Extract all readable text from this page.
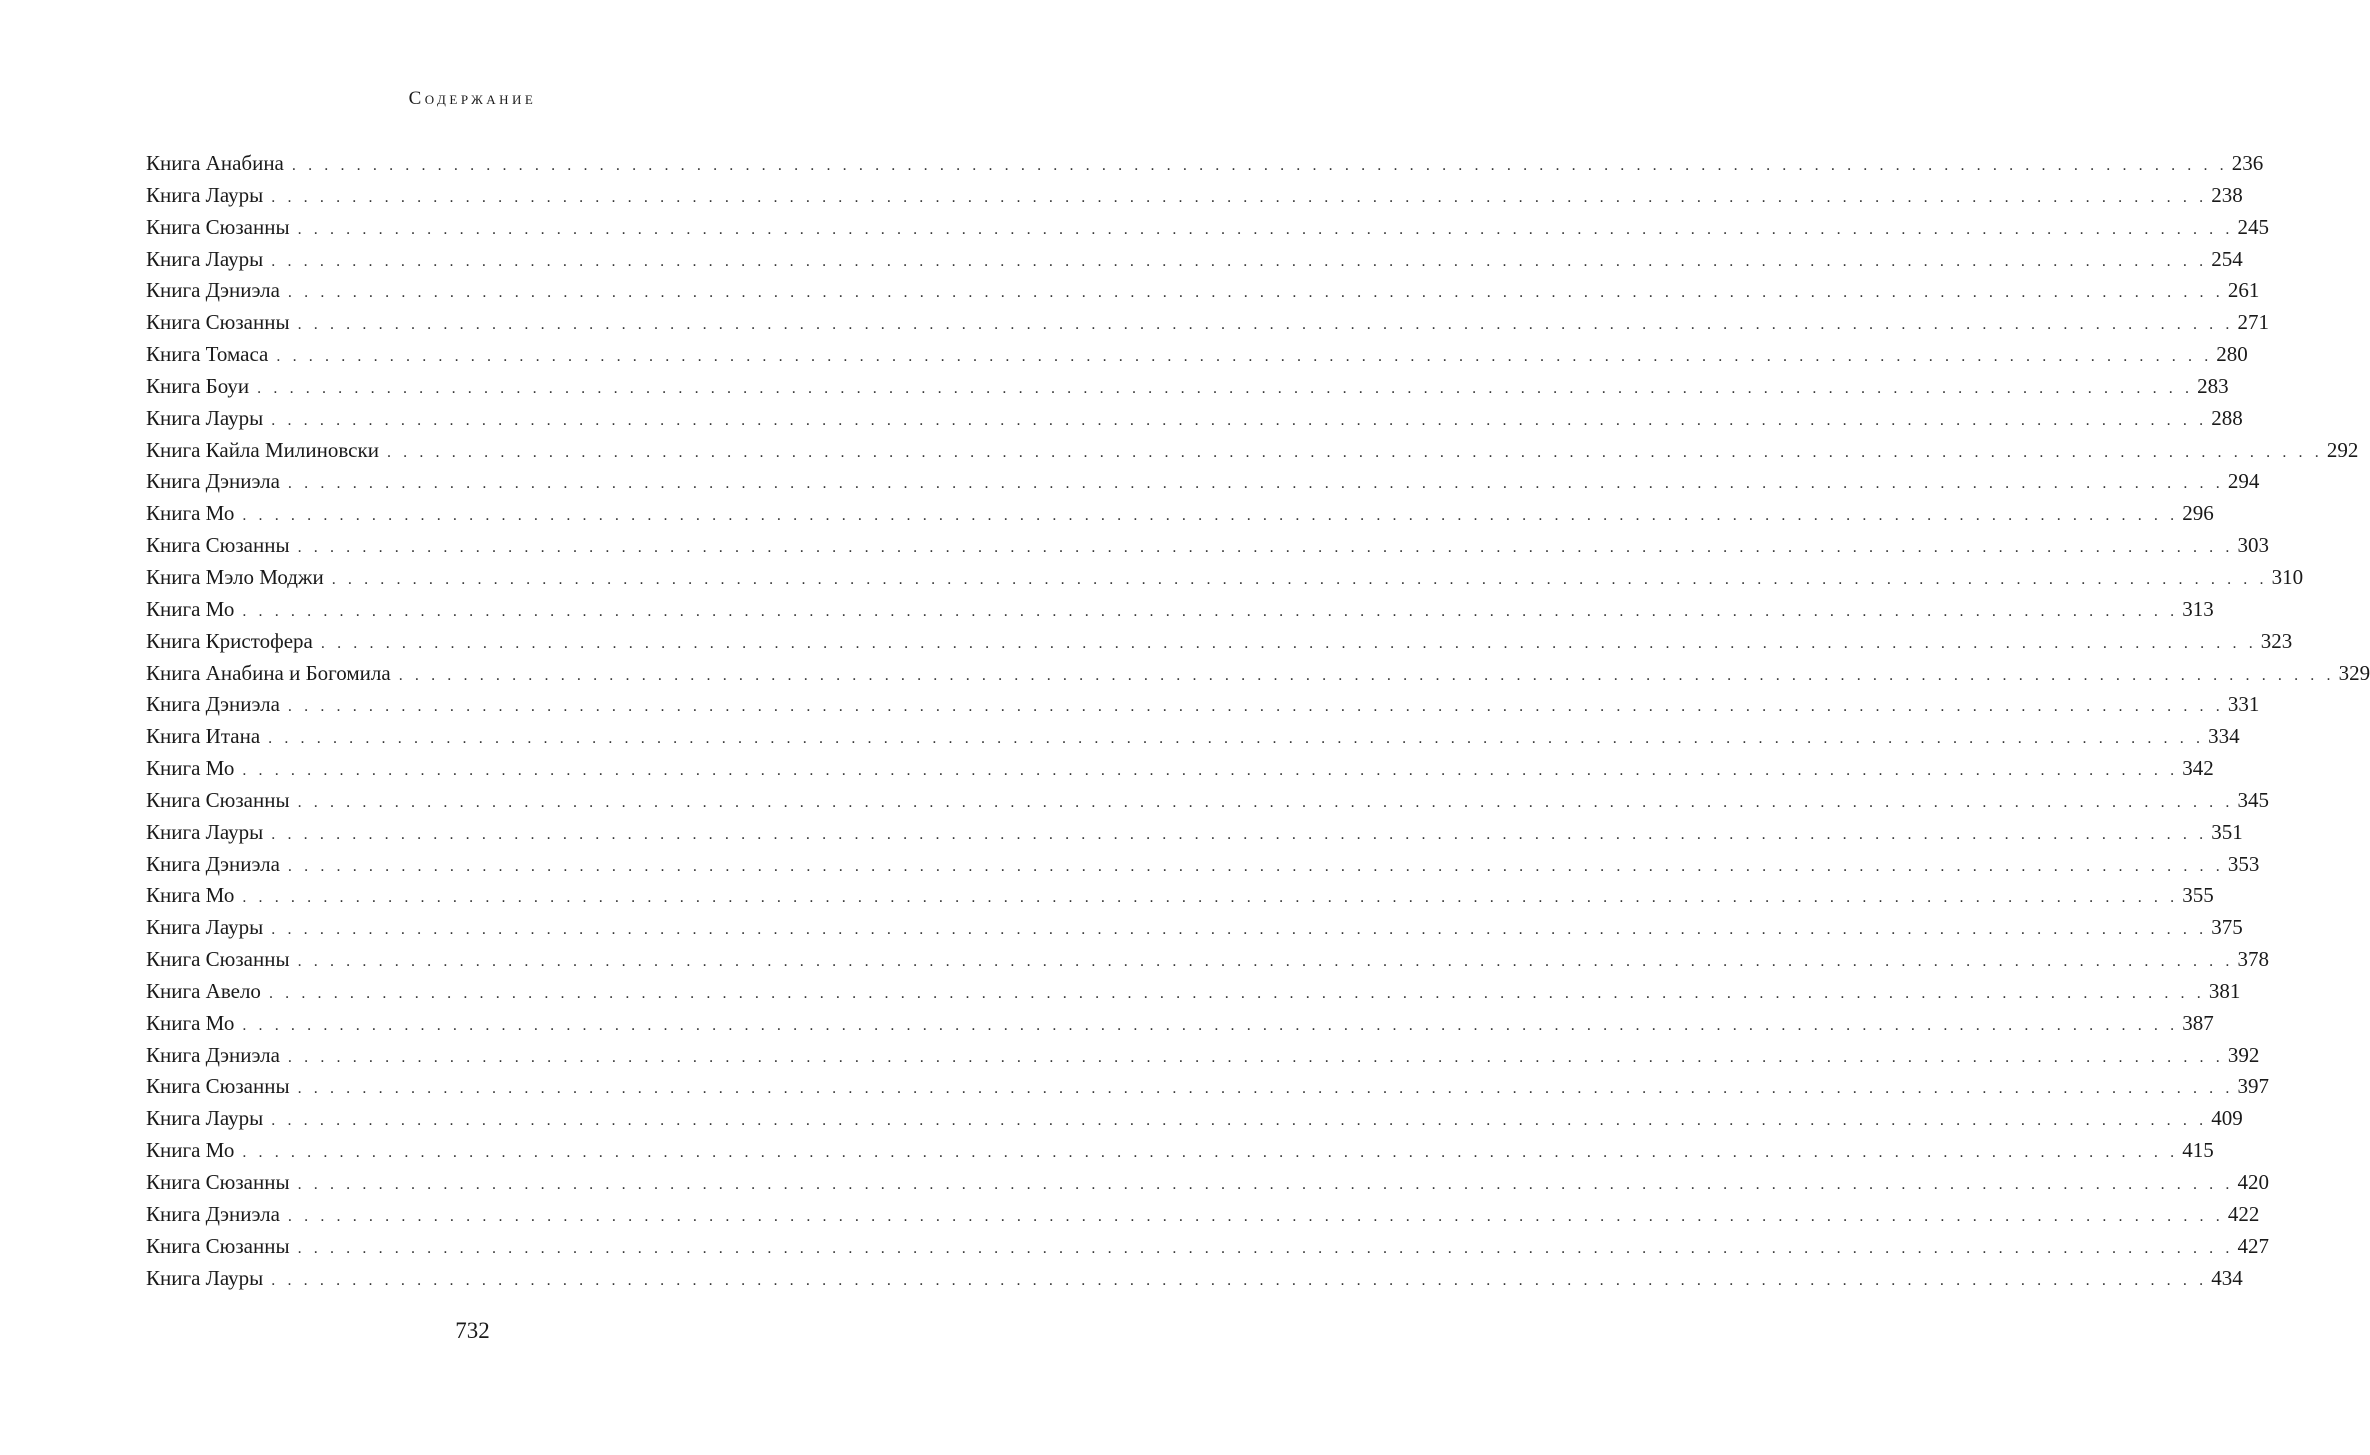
Содержание
Книга Анабина . . . . . . . . . . . . . . . . . . . . . . . . . . . . . . . . . . . . . . . . . . . . . . . . . . . . . . . . . . . . . . . . . . . . . . . . . . . . . . . . . . . . . . . . . . . . . . . . . . . . . . . . . . . . . . . . . . . . . . . . 236
Книга Лауры . . . . . . . . . . . . . . . . . . . . . . . . . . . . . . . . . . . . . . . . . . . . . . . . . . . . . . . . . . . . . . . . . . . . . . . . . . . . . . . . . . . . . . . . . . . . . . . . . . . . . . . . . . . . . . . . . . . . . . . . 238
Книга Сюзанны . . . . . . . . . . . . . . . . . . . . . . . . . . . . . . . . . . . . . . . . . . . . . . . . . . . . . . . . . . . . . . . . . . . . . . . . . . . . . . . . . . . . . . . . . . . . . . . . . . . . . . . . . . . . . . . . . . . . . . . . 245
Книга Лауры . . . . . . . . . . . . . . . . . . . . . . . . . . . . . . . . . . . . . . . . . . . . . . . . . . . . . . . . . . . . . . . . . . . . . . . . . . . . . . . . . . . . . . . . . . . . . . . . . . . . . . . . . . . . . . . . . . . . . . . . 254
Книга Дэниэла . . . . . . . . . . . . . . . . . . . . . . . . . . . . . . . . . . . . . . . . . . . . . . . . . . . . . . . . . . . . . . . . . . . . . . . . . . . . . . . . . . . . . . . . . . . . . . . . . . . . . . . . . . . . . . . . . . . . . . . . 261
Книга Сюзанны . . . . . . . . . . . . . . . . . . . . . . . . . . . . . . . . . . . . . . . . . . . . . . . . . . . . . . . . . . . . . . . . . . . . . . . . . . . . . . . . . . . . . . . . . . . . . . . . . . . . . . . . . . . . . . . . . . . . . . . . 271
Книга Томаса . . . . . . . . . . . . . . . . . . . . . . . . . . . . . . . . . . . . . . . . . . . . . . . . . . . . . . . . . . . . . . . . . . . . . . . . . . . . . . . . . . . . . . . . . . . . . . . . . . . . . . . . . . . . . . . . . . . . . . . . 280
Книга Боуи . . . . . . . . . . . . . . . . . . . . . . . . . . . . . . . . . . . . . . . . . . . . . . . . . . . . . . . . . . . . . . . . . . . . . . . . . . . . . . . . . . . . . . . . . . . . . . . . . . . . . . . . . . . . . . . . . . . . . . . . 283
Книга Лауры . . . . . . . . . . . . . . . . . . . . . . . . . . . . . . . . . . . . . . . . . . . . . . . . . . . . . . . . . . . . . . . . . . . . . . . . . . . . . . . . . . . . . . . . . . . . . . . . . . . . . . . . . . . . . . . . . . . . . . . . 288
Книга Кайла Милиновски . . . . . . . . . . . . . . . . . . . . . . . . . . . . . . . . . . . . . . . . . . . . . . . . . . . . . . . . . . . . . . . . . . . . . . . . . . . . . . . . . . . . . . . . . . . . . . . . . . . . . . . . . . . . . . . . . . . . . . . . 292
Книга Дэниэла . . . . . . . . . . . . . . . . . . . . . . . . . . . . . . . . . . . . . . . . . . . . . . . . . . . . . . . . . . . . . . . . . . . . . . . . . . . . . . . . . . . . . . . . . . . . . . . . . . . . . . . . . . . . . . . . . . . . . . . . 294
Книга Мо . . . . . . . . . . . . . . . . . . . . . . . . . . . . . . . . . . . . . . . . . . . . . . . . . . . . . . . . . . . . . . . . . . . . . . . . . . . . . . . . . . . . . . . . . . . . . . . . . . . . . . . . . . . . . . . . . . . . . . . . 296
Книга Сюзанны . . . . . . . . . . . . . . . . . . . . . . . . . . . . . . . . . . . . . . . . . . . . . . . . . . . . . . . . . . . . . . . . . . . . . . . . . . . . . . . . . . . . . . . . . . . . . . . . . . . . . . . . . . . . . . . . . . . . . . . . 303
Книга Мэло Моджи . . . . . . . . . . . . . . . . . . . . . . . . . . . . . . . . . . . . . . . . . . . . . . . . . . . . . . . . . . . . . . . . . . . . . . . . . . . . . . . . . . . . . . . . . . . . . . . . . . . . . . . . . . . . . . . . . . . . . . . . 310
Книга Мо . . . . . . . . . . . . . . . . . . . . . . . . . . . . . . . . . . . . . . . . . . . . . . . . . . . . . . . . . . . . . . . . . . . . . . . . . . . . . . . . . . . . . . . . . . . . . . . . . . . . . . . . . . . . . . . . . . . . . . . . 313
Книга Кристофера . . . . . . . . . . . . . . . . . . . . . . . . . . . . . . . . . . . . . . . . . . . . . . . . . . . . . . . . . . . . . . . . . . . . . . . . . . . . . . . . . . . . . . . . . . . . . . . . . . . . . . . . . . . . . . . . . . . . . . . . 323
Книга Анабина и Богомила . . . . . . . . . . . . . . . . . . . . . . . . . . . . . . . . . . . . . . . . . . . . . . . . . . . . . . . . . . . . . . . . . . . . . . . . . . . . . . . . . . . . . . . . . . . . . . . . . . . . . . . . . . . . . . . . . . . . . . . . 329
Книга Дэниэла . . . . . . . . . . . . . . . . . . . . . . . . . . . . . . . . . . . . . . . . . . . . . . . . . . . . . . . . . . . . . . . . . . . . . . . . . . . . . . . . . . . . . . . . . . . . . . . . . . . . . . . . . . . . . . . . . . . . . . . . 331
Книга Итана . . . . . . . . . . . . . . . . . . . . . . . . . . . . . . . . . . . . . . . . . . . . . . . . . . . . . . . . . . . . . . . . . . . . . . . . . . . . . . . . . . . . . . . . . . . . . . . . . . . . . . . . . . . . . . . . . . . . . . . . 334
Книга Мо . . . . . . . . . . . . . . . . . . . . . . . . . . . . . . . . . . . . . . . . . . . . . . . . . . . . . . . . . . . . . . . . . . . . . . . . . . . . . . . . . . . . . . . . . . . . . . . . . . . . . . . . . . . . . . . . . . . . . . . . 342
Книга Сюзанны . . . . . . . . . . . . . . . . . . . . . . . . . . . . . . . . . . . . . . . . . . . . . . . . . . . . . . . . . . . . . . . . . . . . . . . . . . . . . . . . . . . . . . . . . . . . . . . . . . . . . . . . . . . . . . . . . . . . . . . . 345
Книга Лауры . . . . . . . . . . . . . . . . . . . . . . . . . . . . . . . . . . . . . . . . . . . . . . . . . . . . . . . . . . . . . . . . . . . . . . . . . . . . . . . . . . . . . . . . . . . . . . . . . . . . . . . . . . . . . . . . . . . . . . . . 351
Книга Дэниэла . . . . . . . . . . . . . . . . . . . . . . . . . . . . . . . . . . . . . . . . . . . . . . . . . . . . . . . . . . . . . . . . . . . . . . . . . . . . . . . . . . . . . . . . . . . . . . . . . . . . . . . . . . . . . . . . . . . . . . . . 353
Книга Мо . . . . . . . . . . . . . . . . . . . . . . . . . . . . . . . . . . . . . . . . . . . . . . . . . . . . . . . . . . . . . . . . . . . . . . . . . . . . . . . . . . . . . . . . . . . . . . . . . . . . . . . . . . . . . . . . . . . . . . . . 355
Книга Лауры . . . . . . . . . . . . . . . . . . . . . . . . . . . . . . . . . . . . . . . . . . . . . . . . . . . . . . . . . . . . . . . . . . . . . . . . . . . . . . . . . . . . . . . . . . . . . . . . . . . . . . . . . . . . . . . . . . . . . . . . 375
Книга Сюзанны . . . . . . . . . . . . . . . . . . . . . . . . . . . . . . . . . . . . . . . . . . . . . . . . . . . . . . . . . . . . . . . . . . . . . . . . . . . . . . . . . . . . . . . . . . . . . . . . . . . . . . . . . . . . . . . . . . . . . . . . 378
Книга Авело . . . . . . . . . . . . . . . . . . . . . . . . . . . . . . . . . . . . . . . . . . . . . . . . . . . . . . . . . . . . . . . . . . . . . . . . . . . . . . . . . . . . . . . . . . . . . . . . . . . . . . . . . . . . . . . . . . . . . . . . 381
Книга Мо . . . . . . . . . . . . . . . . . . . . . . . . . . . . . . . . . . . . . . . . . . . . . . . . . . . . . . . . . . . . . . . . . . . . . . . . . . . . . . . . . . . . . . . . . . . . . . . . . . . . . . . . . . . . . . . . . . . . . . . . 387
Книга Дэниэла . . . . . . . . . . . . . . . . . . . . . . . . . . . . . . . . . . . . . . . . . . . . . . . . . . . . . . . . . . . . . . . . . . . . . . . . . . . . . . . . . . . . . . . . . . . . . . . . . . . . . . . . . . . . . . . . . . . . . . . . 392
Книга Сюзанны . . . . . . . . . . . . . . . . . . . . . . . . . . . . . . . . . . . . . . . . . . . . . . . . . . . . . . . . . . . . . . . . . . . . . . . . . . . . . . . . . . . . . . . . . . . . . . . . . . . . . . . . . . . . . . . . . . . . . . . . 397
Книга Лауры . . . . . . . . . . . . . . . . . . . . . . . . . . . . . . . . . . . . . . . . . . . . . . . . . . . . . . . . . . . . . . . . . . . . . . . . . . . . . . . . . . . . . . . . . . . . . . . . . . . . . . . . . . . . . . . . . . . . . . . . 409
Книга Мо . . . . . . . . . . . . . . . . . . . . . . . . . . . . . . . . . . . . . . . . . . . . . . . . . . . . . . . . . . . . . . . . . . . . . . . . . . . . . . . . . . . . . . . . . . . . . . . . . . . . . . . . . . . . . . . . . . . . . . . . 415
Книга Сюзанны . . . . . . . . . . . . . . . . . . . . . . . . . . . . . . . . . . . . . . . . . . . . . . . . . . . . . . . . . . . . . . . . . . . . . . . . . . . . . . . . . . . . . . . . . . . . . . . . . . . . . . . . . . . . . . . . . . . . . . . . 420
Книга Дэниэла . . . . . . . . . . . . . . . . . . . . . . . . . . . . . . . . . . . . . . . . . . . . . . . . . . . . . . . . . . . . . . . . . . . . . . . . . . . . . . . . . . . . . . . . . . . . . . . . . . . . . . . . . . . . . . . . . . . . . . . . 422
Книга Сюзанны . . . . . . . . . . . . . . . . . . . . . . . . . . . . . . . . . . . . . . . . . . . . . . . . . . . . . . . . . . . . . . . . . . . . . . . . . . . . . . . . . . . . . . . . . . . . . . . . . . . . . . . . . . . . . . . . . . . . . . . . 427
Книга Лауры . . . . . . . . . . . . . . . . . . . . . . . . . . . . . . . . . . . . . . . . . . . . . . . . . . . . . . . . . . . . . . . . . . . . . . . . . . . . . . . . . . . . . . . . . . . . . . . . . . . . . . . . . . . . . . . . . . . . . . . . 434
732
